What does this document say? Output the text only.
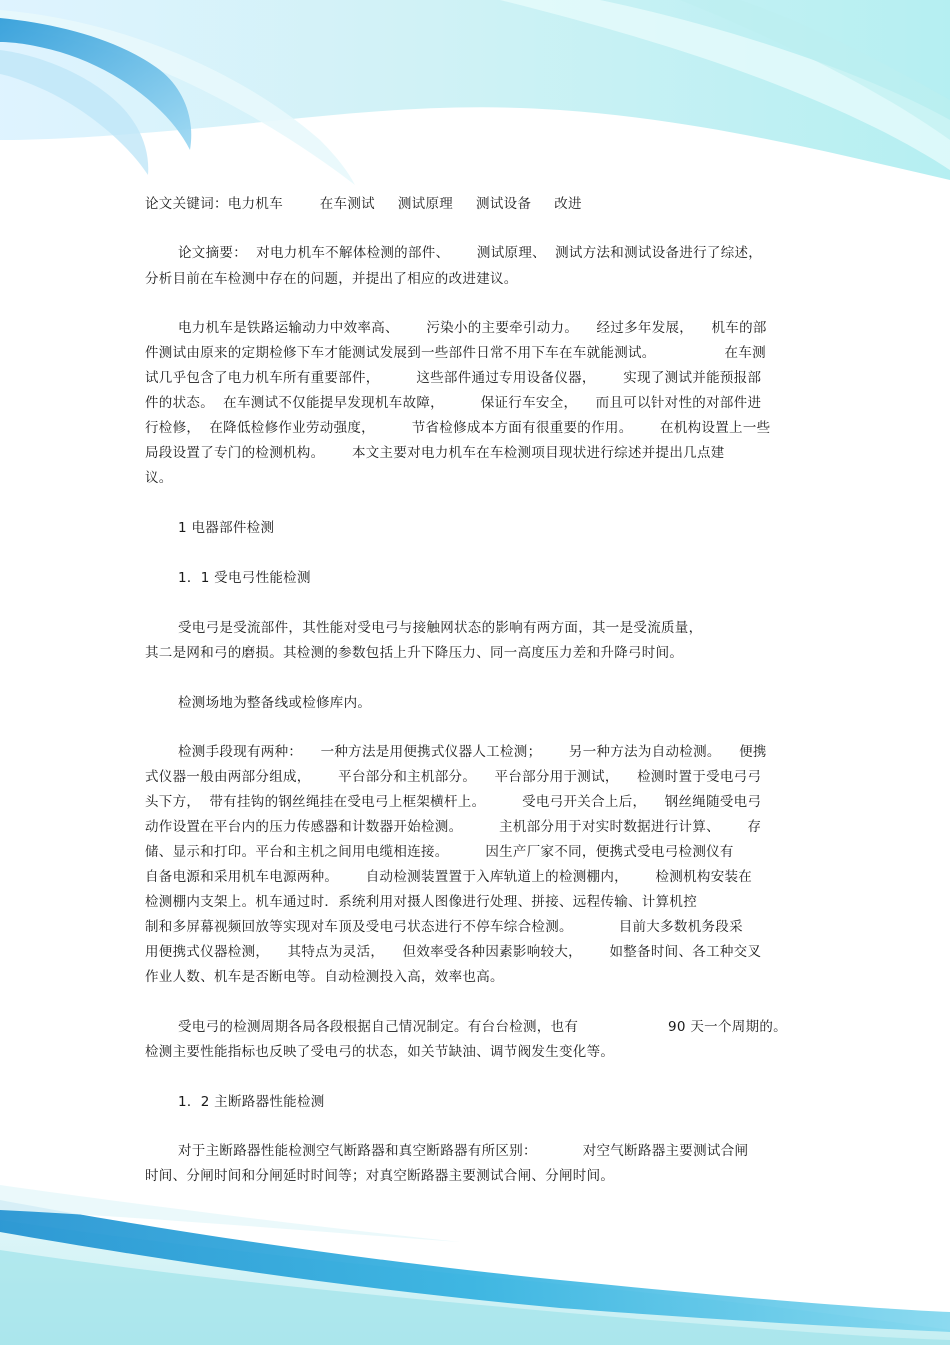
论文关键词：电力机车        在车测试     测试原理     测试设备     改进

论文摘要：  对电力机车不解体检测的部件、      测试原理、  测试方法和测试设备进行了综述，

分析目前在车检测中存在的问题，并提出了相应的改进建议。

电力机车是铁路运输动力中效率高、      污染小的主要牵引动力。    经过多年发展，    机车的部

件测试由原来的定期检修下车才能测试发展到一些部件日常不用下车在车就能测试。               在车测

试几乎包含了电力机车所有重要部件，        这些部件通过专用设备仪器，      实现了测试并能预报部

件的状态。  在车测试不仅能提早发现机车故障，        保证行车安全，    而且可以针对性的对部件进

行检修，  在降低检修作业劳动强度，        节省检修成本方面有很重要的作用。      在机构设置上一些

局段设置了专门的检测机构。      本文主要对电力机车在车检测项目现状进行综述并提出几点建

议。

1 电器部件检测

1．1 受电弓性能检测

受电弓是受流部件，其性能对受电弓与接触网状态的影响有两方面，其一是受流质量，

其二是网和弓的磨损。其检测的参数包括上升下降压力、同一高度压力差和升降弓时间。

检测场地为整备线或检修库内。

检测手段现有两种：    一种方法是用便携式仪器人工检测；      另一种方法为自动检测。    便携

式仪器一般由两部分组成，      平台部分和主机部分。    平台部分用于测试，    检测时置于受电弓弓

头下方，  带有挂钩的钢丝绳挂在受电弓上框架横杆上。        受电弓开关合上后，    钢丝绳随受电弓

动作设置在平台内的压力传感器和计数器开始检测。        主机部分用于对实时数据进行计算、      存

储、显示和打印。平台和主机之间用电缆相连接。        因生产厂家不同，便携式受电弓检测仪有

自备电源和采用机车电源两种。      自动检测装置置于入库轨道上的检测棚内，      检测机构安装在

检测棚内支架上。机车通过时．系统利用对摄人图像进行处理、拼接、远程传输、计算机控

制和多屏幕视频回放等实现对车顶及受电弓状态进行不停车综合检测。          目前大多数机务段采

用便携式仪器检测，    其特点为灵活，    但效率受各种因素影响较大，      如整备时间、各工种交叉

作业人数、机车是否断电等。自动检测投入高，效率也高。

受电弓的检测周期各局各段根据自己情况制定。有台台检测，也有	90 天一个周期的。

检测主要性能指标也反映了受电弓的状态，如关节缺油、调节阀发生变化等。

1．2 主断路器性能检测

对于主断路器性能检测空气断路器和真空断路器有所区别：          对空气断路器主要测试合闸

时间、分闸时间和分闸延时时间等；对真空断路器主要测试合闸、分闸时间。
